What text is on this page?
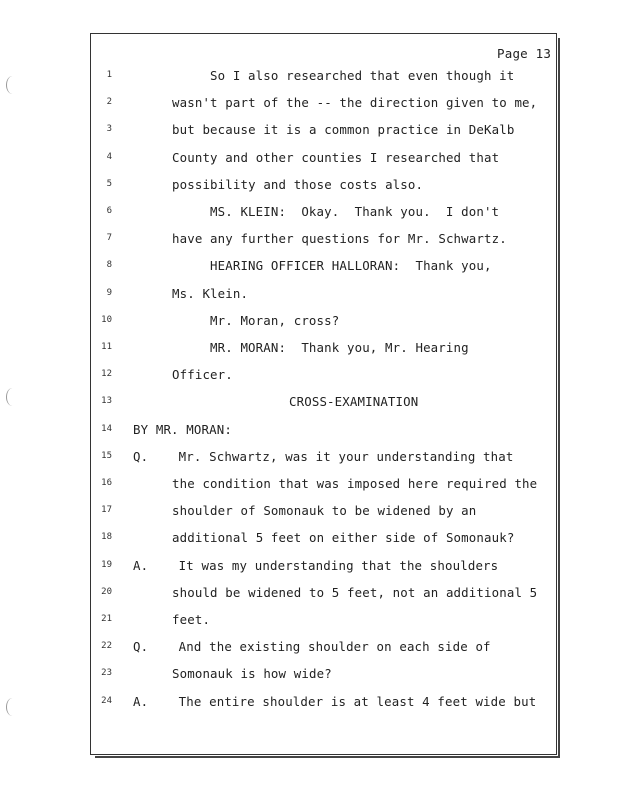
Page 13
1	So I also researched that even though it
2	wasn't part of the -- the direction given to me,
3	but because it is a common practice in DeKalb
4	County and other counties I researched that
5	possibility and those costs also.
6	MS. KLEIN:  Okay.  Thank you.  I don't
7	have any further questions for Mr. Schwartz.
8	HEARING OFFICER HALLORAN:  Thank you,
9	Ms. Klein.
10	Mr. Moran, cross?
11	MR. MORAN:  Thank you, Mr. Hearing
12	Officer.
13	CROSS-EXAMINATION
14 BY MR. MORAN:
15 Q.    Mr. Schwartz, was it your understanding that
16	the condition that was imposed here required the
17	shoulder of Somonauk to be widened by an
18	additional 5 feet on either side of Somonauk?
19 A.    It was my understanding that the shoulders
20	should be widened to 5 feet, not an additional 5
21	feet.
22 Q.    And the existing shoulder on each side of
23	Somonauk is how wide?
24 A.    The entire shoulder is at least 4 feet wide but
